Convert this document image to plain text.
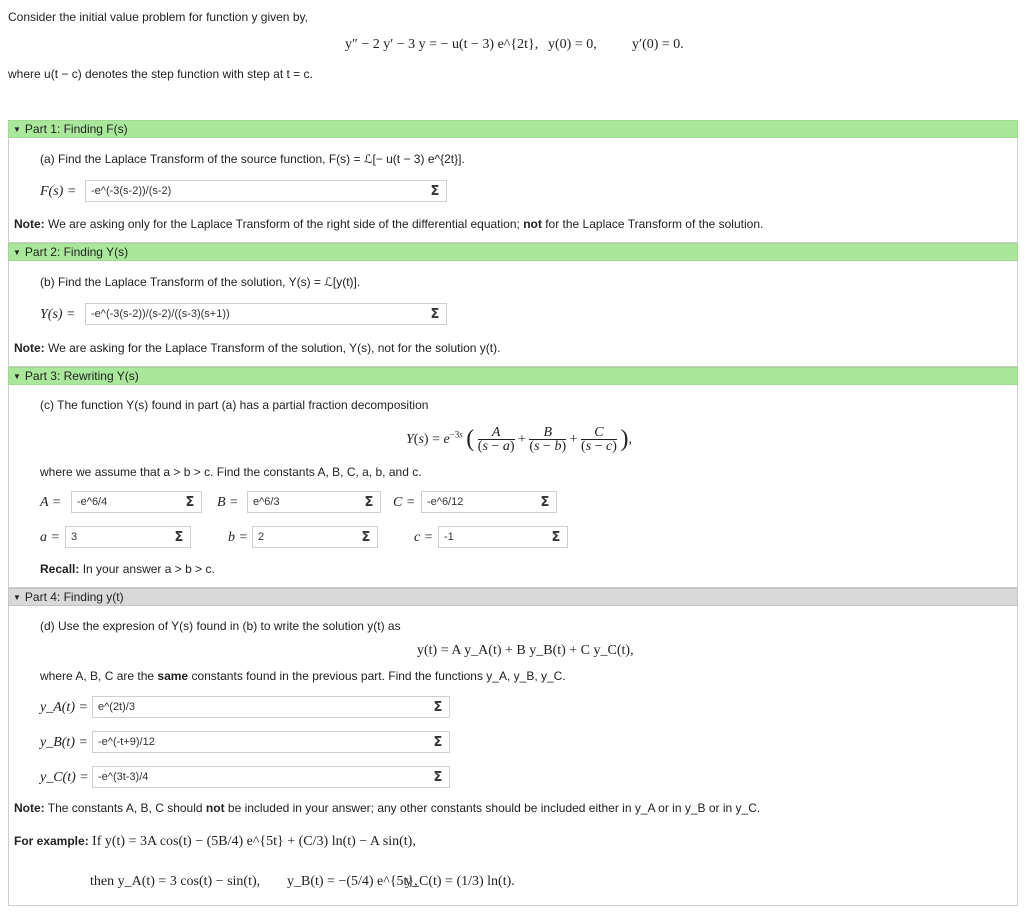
Consider the initial value problem for function y given by,
y″ − 2 y′ − 3 y = − u(t − 3) e^{2t}, y(0) = 0,	y′(0) = 0.
where u(t − c) denotes the step function with step at t = c.
▼ Part 1: Finding F(s)
(a) Find the Laplace Transform of the source function, F(s) = ℒ[− u(t − 3) e^{2t}].
F(s) =	-e^(-3(s-2))/(s-2)	Σ
Note: We are asking only for the Laplace Transform of the right side of the differential equation; not for the Laplace Transform of the solution.
▼ Part 2: Finding Y(s)
(b) Find the Laplace Transform of the solution, Y(s) = ℒ[y(t)].
Y(s) =	-e^(-3(s-2))/(s-2)/((s-3)(s+1))	Σ
Note: We are asking for the Laplace Transform of the solution, Y(s), not for the solution y(t).
▼ Part 3: Rewriting Y(s)
(c) The function Y(s) found in part (a) has a partial fraction decomposition
$Y(s) = e^{-3s}$ ( $\frac{A}{(s - a)} + \frac{B}{(s - b)} + \frac{C}{(s - c)}$ ),
where we assume that a > b > c. Find the constants A, B, C, a, b, and c.
A =	-e^6/4	Σ	B =	e^6/3	Σ	C =	-e^6/12	Σ
a =	3	Σ	b = 2	Σ	c = -1	Σ
Recall: In your answer a > b > c.
▼ Part 4: Finding y(t)
(d) Use the expresion of Y(s) found in (b) to write the solution y(t) as
y(t) = A y_A(t) + B y_B(t) + C y_C(t),
where A, B, C are the same constants found in the previous part. Find the functions y_A, y_B, y_C.
y_A(t) = e^(2t)/3	Σ
y_B(t) = -e^(-t+9)/12	Σ
y_C(t) = -e^(3t-3)/4	Σ
Note: The constants A, B, C should not be included in your answer; any other constants should be included either in y_A or in y_B or in y_C.
For example: If y(t) = 3A cos(t) − (5B/4) e^{5t} + (C/3) ln(t) − A sin(t),
then y_A(t) = 3 cos(t) − sin(t), y_B(t) = −(5/4) e^{5t},
y_C(t) = (1/3) ln(t).
